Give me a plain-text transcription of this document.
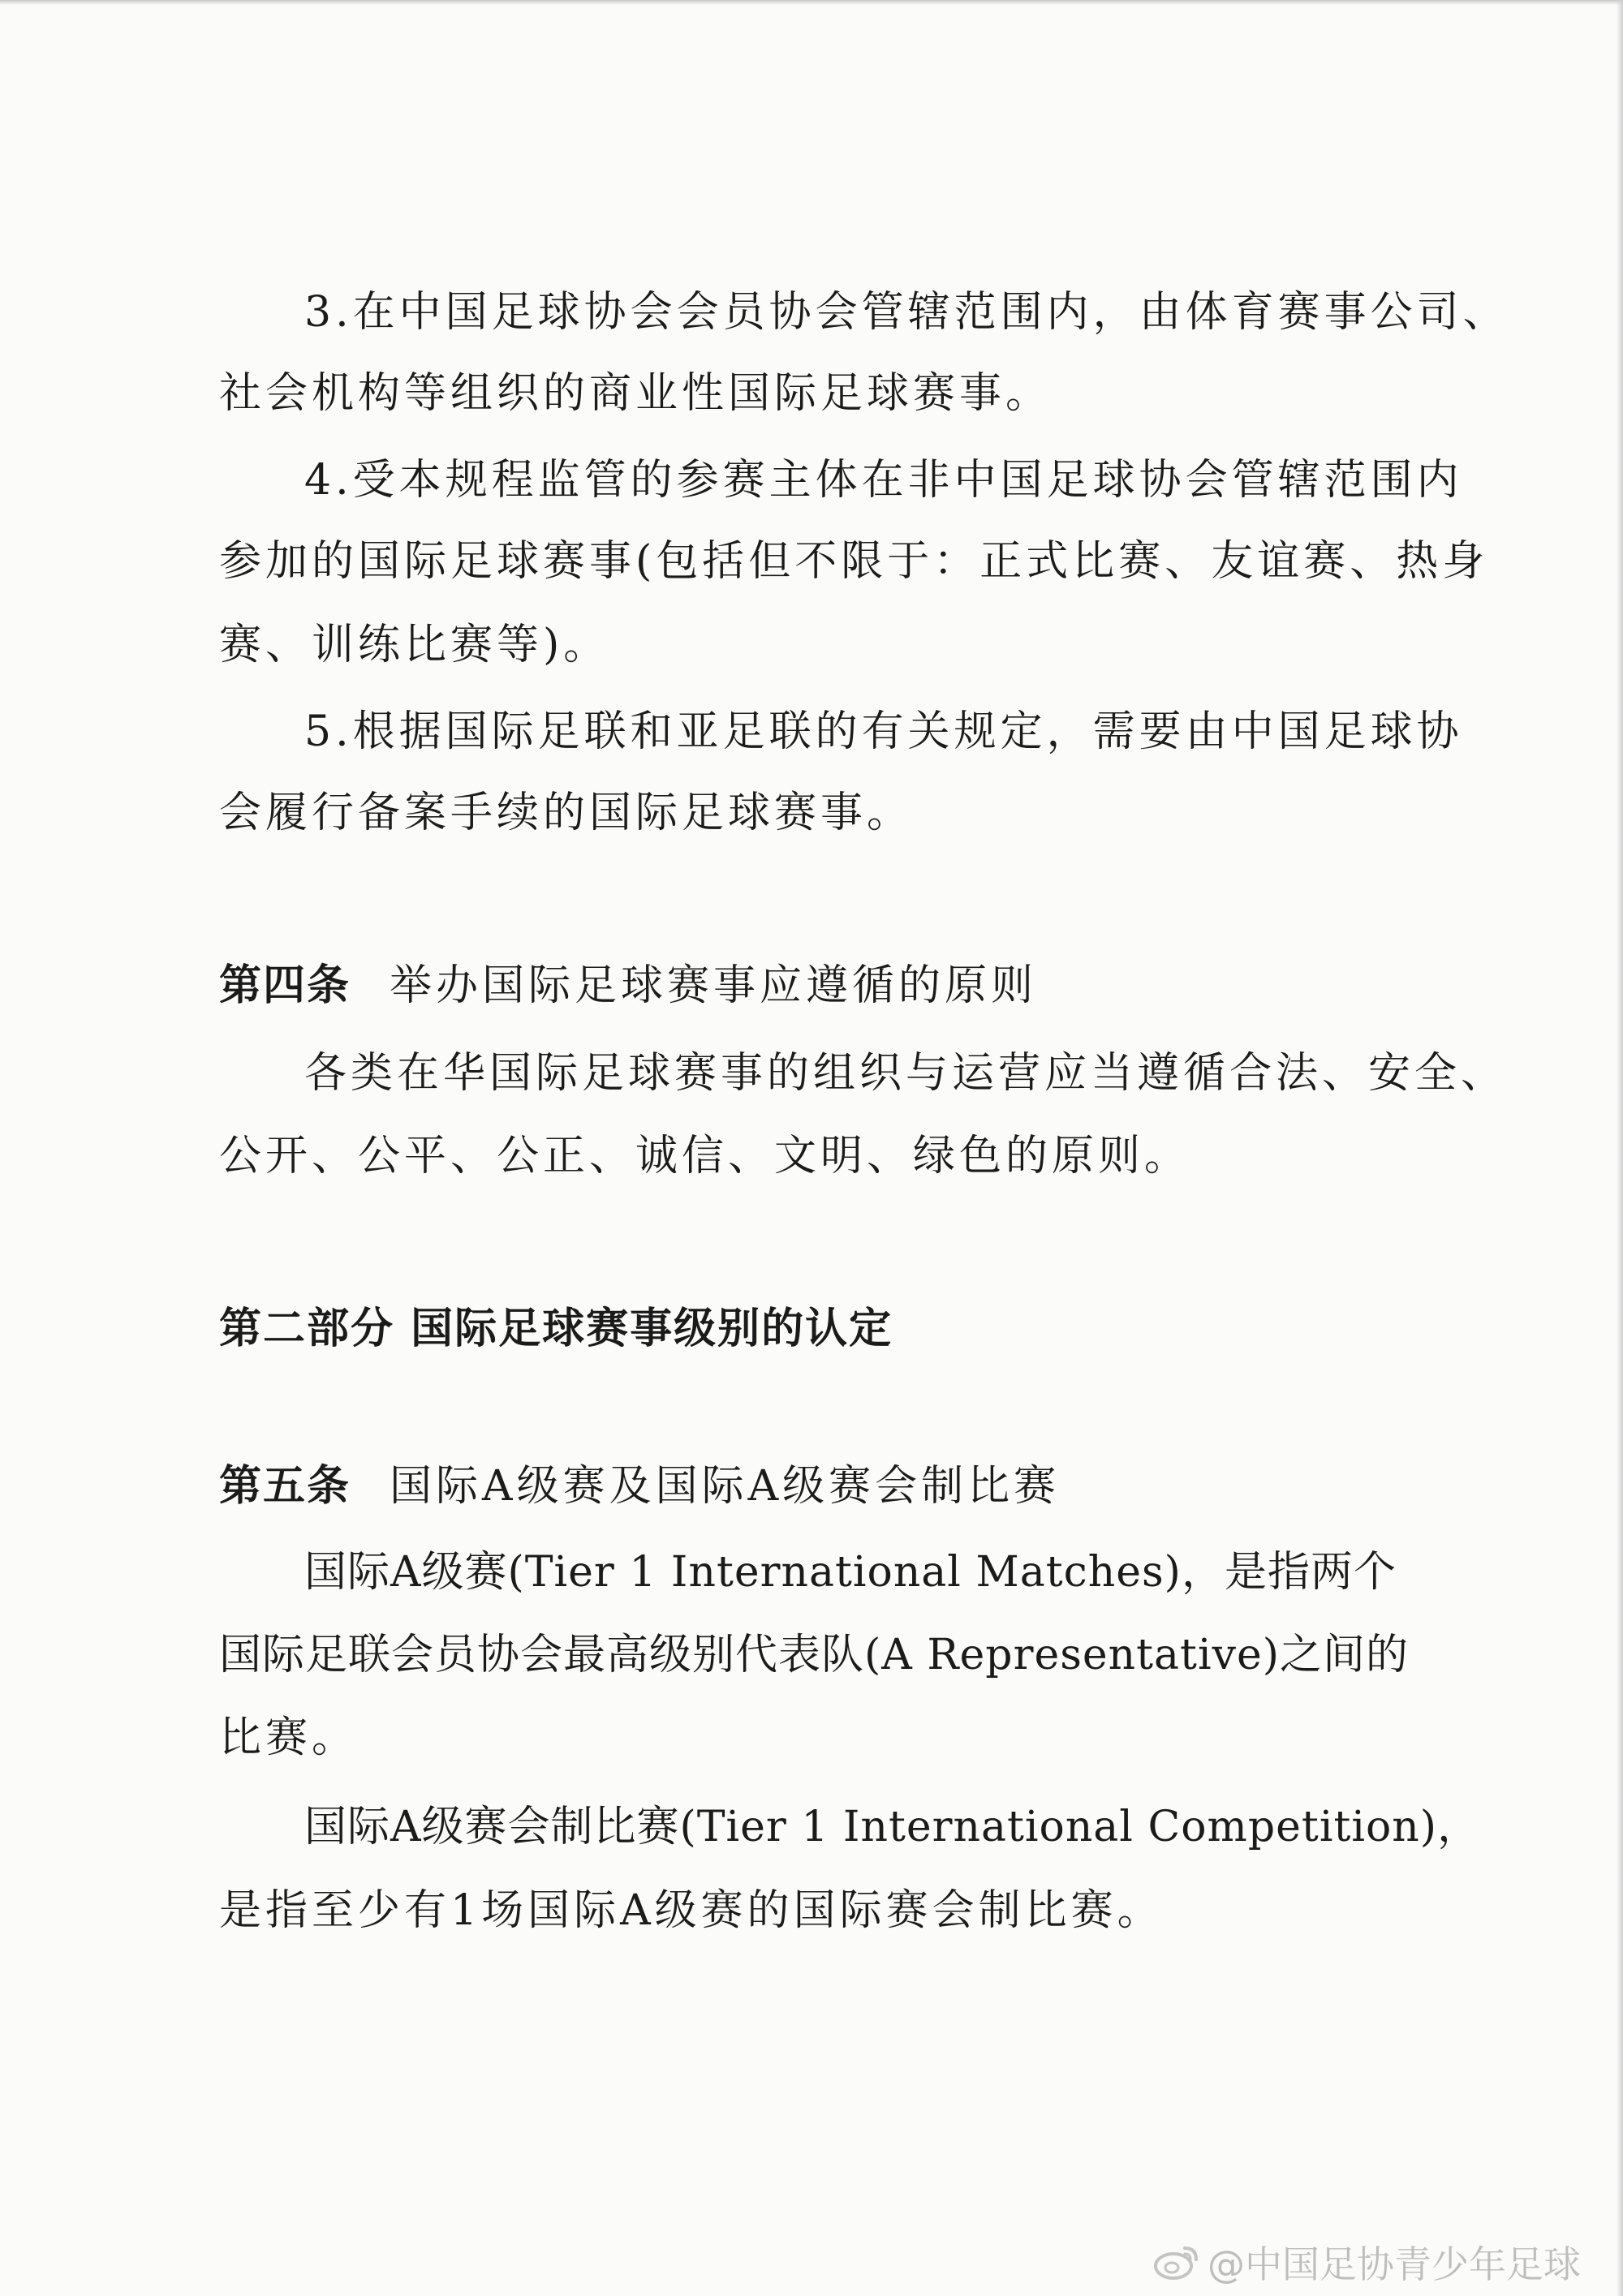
3.在中国足球协会会员协会管辖范围内，由体育赛事公司、
社会机构等组织的商业性国际足球赛事。
4.受本规程监管的参赛主体在非中国足球协会管辖范围内
参加的国际足球赛事(包括但不限于：正式比赛、友谊赛、热身
赛、训练比赛等)。
5.根据国际足联和亚足联的有关规定，需要由中国足球协
会履行备案手续的国际足球赛事。
第四条 举办国际足球赛事应遵循的原则
各类在华国际足球赛事的组织与运营应当遵循合法、安全、
公开、公平、公正、诚信、文明、绿色的原则。
第二部分 国际足球赛事级别的认定
第五条 国际A级赛及国际A级赛会制比赛
国际A级赛(Tier 1 International Matches)，是指两个
国际足联会员协会最高级别代表队(A Representative)之间的
比赛。
国际A级赛会制比赛(Tier 1 International Competition)，
是指至少有1场国际A级赛的国际赛会制比赛。
@中国足协青少年足球
